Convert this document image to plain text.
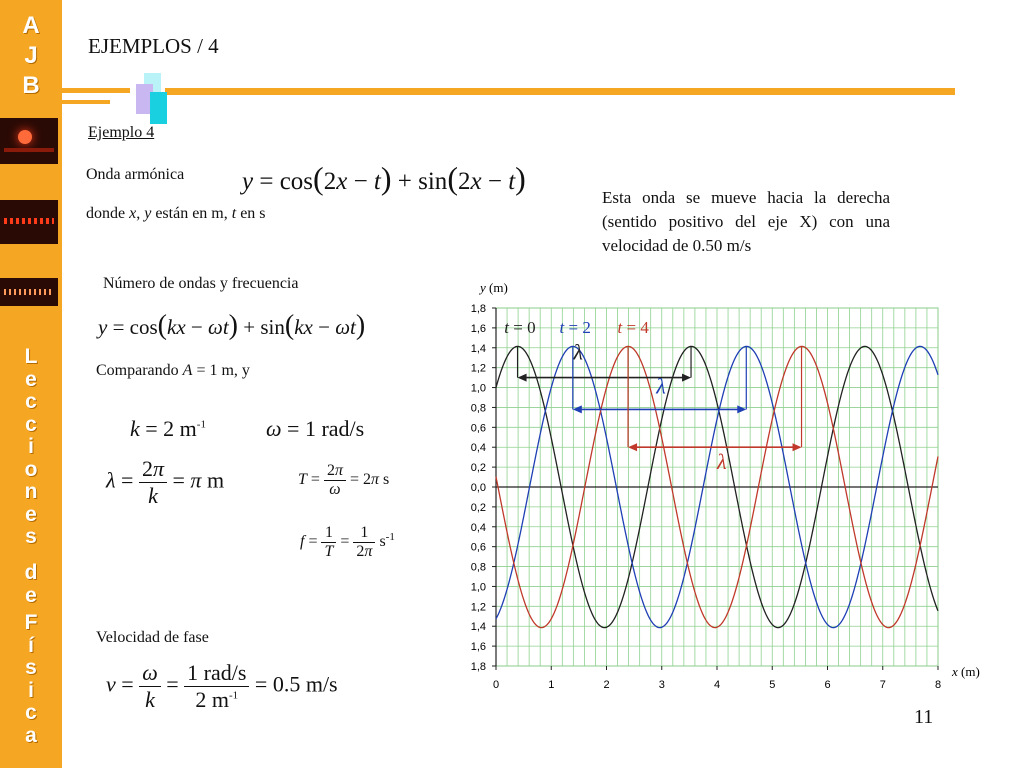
A
J
B
L
e
c
c
i
o
n
e
s
d
e
F
í
s
i
c
a
EJEMPLOS / 4
Ejemplo 4
Onda armónica
donde x, y están en m, t en s
y = cos(2x − t) + sin(2x − t)
Esta onda se mueve hacia la derecha (sentido positivo del eje X) con una velocidad de 0.50 m/s
Número de ondas y frecuencia
y = cos(kx − ωt) + sin(kx − ωt)
Comparando A = 1 m, y
k = 2 $m^{-1}$	ω = 1 rad/s
$\lambda = \frac{2\pi}{k} = \pi$ m	$T = \frac{2\pi}{\omega} = 2\pi$ s
$f = \frac{1}{T} = \frac{1}{2\pi} s^{-1}$
Velocidad de fase
$v = \frac{\omega}{k} = \frac{\text{1 rad/s}}{2 m^{-1}} = 0.5$ m/s
1,8
1,6
1,4
1,2
1,0
0,8
0,6
0,4
0,2
0,0
0,2
0,4
0,6
0,8
1,0
1,2
1,4
1,6
1,8
0	1	2	3	4	5	6	7	8
t = 0 t = 2 t = 4
λ
λ
λ
y (m)
x (m)
11
